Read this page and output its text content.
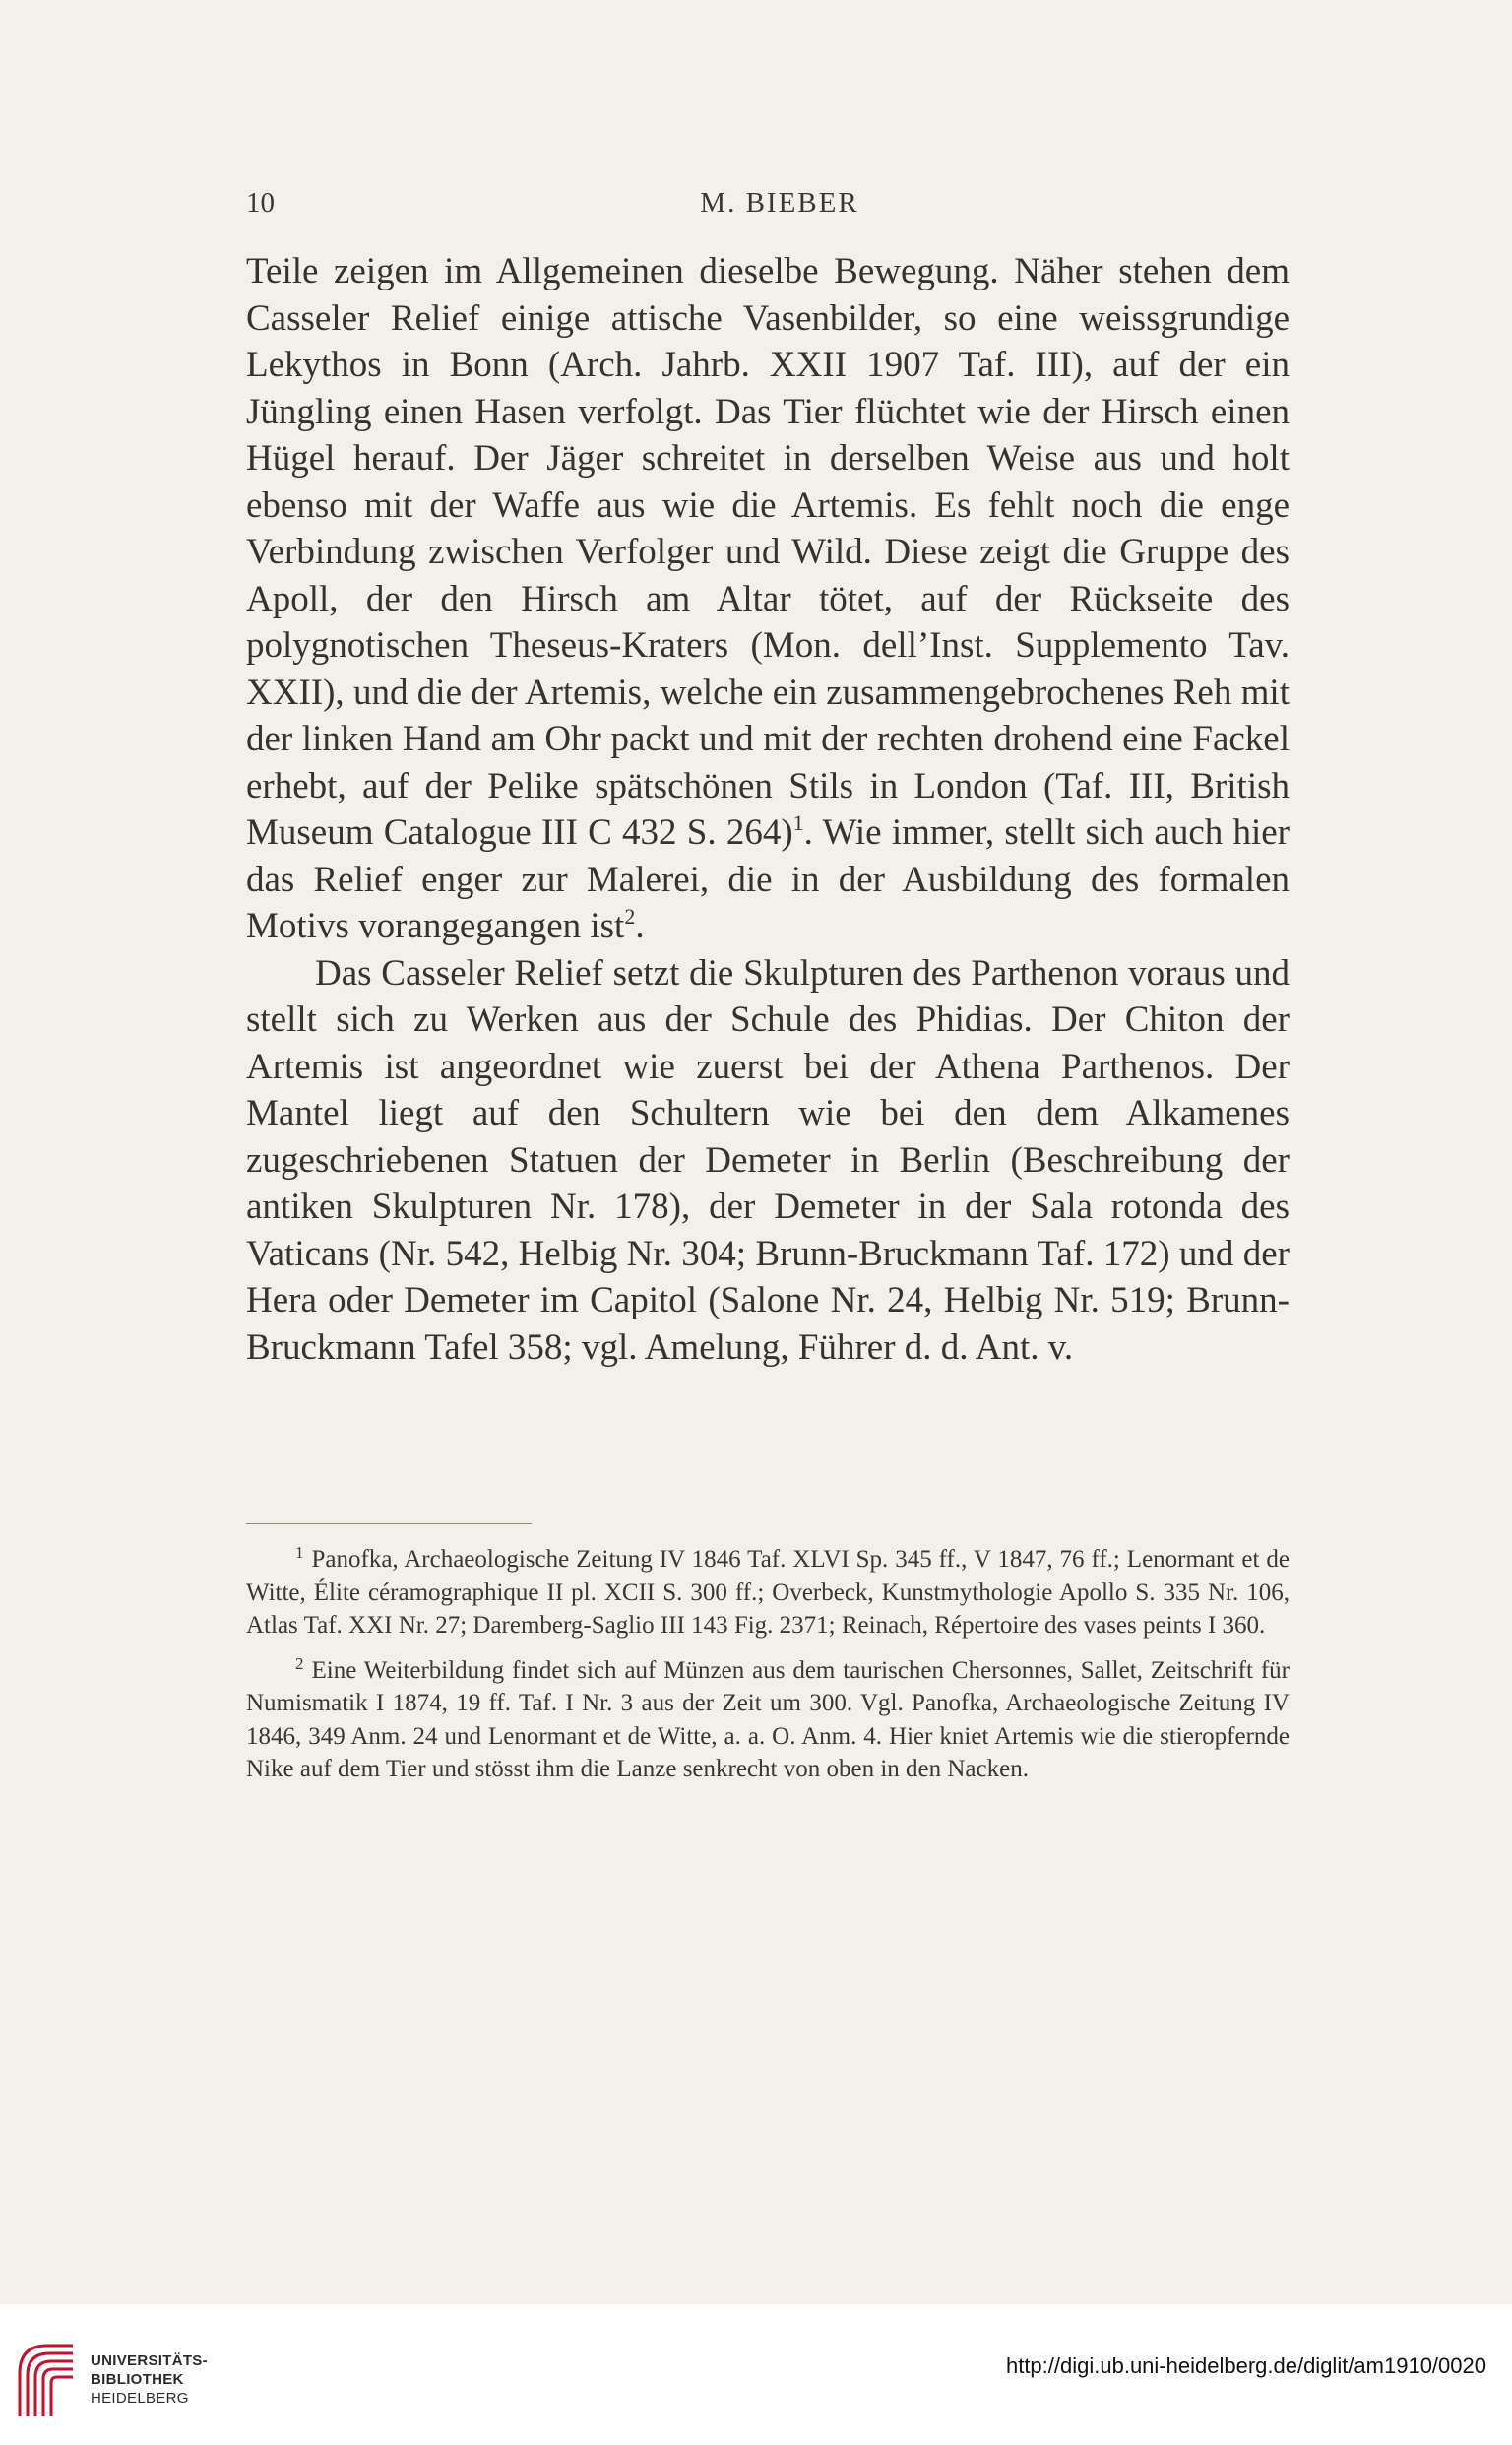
10	M. BIEBER

Teile zeigen im Allgemeinen dieselbe Bewegung. Näher stehen dem Casseler Relief einige attische Vasenbilder, so eine weissgrundige Lekythos in Bonn (Arch. Jahrb. XXII 1907 Taf. III), auf der ein Jüngling einen Hasen verfolgt. Das Tier flüchtet wie der Hirsch einen Hügel herauf. Der Jäger schreitet in derselben Weise aus und holt ebenso mit der Waffe aus wie die Artemis. Es fehlt noch die enge Verbindung zwischen Verfolger und Wild. Diese zeigt die Gruppe des Apoll, der den Hirsch am Altar tötet, auf der Rückseite des polygnotischen Theseus-Kraters (Mon. dell’Inst. Supplemento Tav. XXII), und die der Artemis, welche ein zusammengebrochenes Reh mit der linken Hand am Ohr packt und mit der rechten drohend eine Fackel erhebt, auf der Pelike spätschönen Stils in London (Taf. III, British Museum Catalogue III C 432 S. 264)$^1$. Wie immer, stellt sich auch hier das Relief enger zur Malerei, die in der Ausbildung des formalen Motivs vorangegangen ist$^2$.

Das Casseler Relief setzt die Skulpturen des Parthenon voraus und stellt sich zu Werken aus der Schule des Phidias. Der Chiton der Artemis ist angeordnet wie zuerst bei der Athena Parthenos. Der Mantel liegt auf den Schultern wie bei den dem Alkamenes zugeschriebenen Statuen der Demeter in Berlin (Beschreibung der antiken Skulpturen Nr. 178), der Demeter in der Sala rotonda des Vaticans (Nr. 542, Helbig Nr. 304; Brunn-Bruckmann Taf. 172) und der Hera oder Demeter im Capitol (Salone Nr. 24, Helbig Nr. 519; Brunn-Bruckmann Tafel 358; vgl. Amelung, Führer d. d. Ant. v.

$^1$ Panofka, Archaeologische Zeitung IV 1846 Taf. XLVI Sp. 345 ff., V 1847, 76 ff.; Lenormant et de Witte, Élite céramographique II pl. XCII S. 300 ff.; Overbeck, Kunstmythologie Apollo S. 335 Nr. 106, Atlas Taf. XXI Nr. 27; Daremberg-Saglio III 143 Fig. 2371; Reinach, Répertoire des vases peints I 360.

$^2$ Eine Weiterbildung findet sich auf Münzen aus dem taurischen Chersonnes, Sallet, Zeitschrift für Numismatik I 1874, 19 ff. Taf. I Nr. 3 aus der Zeit um 300. Vgl. Panofka, Archaeologische Zeitung IV 1846, 349 Anm. 24 und Lenormant et de Witte, a. a. O. Anm. 4. Hier kniet Artemis wie die stieropfernde Nike auf dem Tier und stösst ihm die Lanze senkrecht von oben in den Nacken.

UNIVERSITÄTS-
BIBLIOTHEK
HEIDELBERG
http://digi.ub.uni-heidelberg.de/diglit/am1910/0020
